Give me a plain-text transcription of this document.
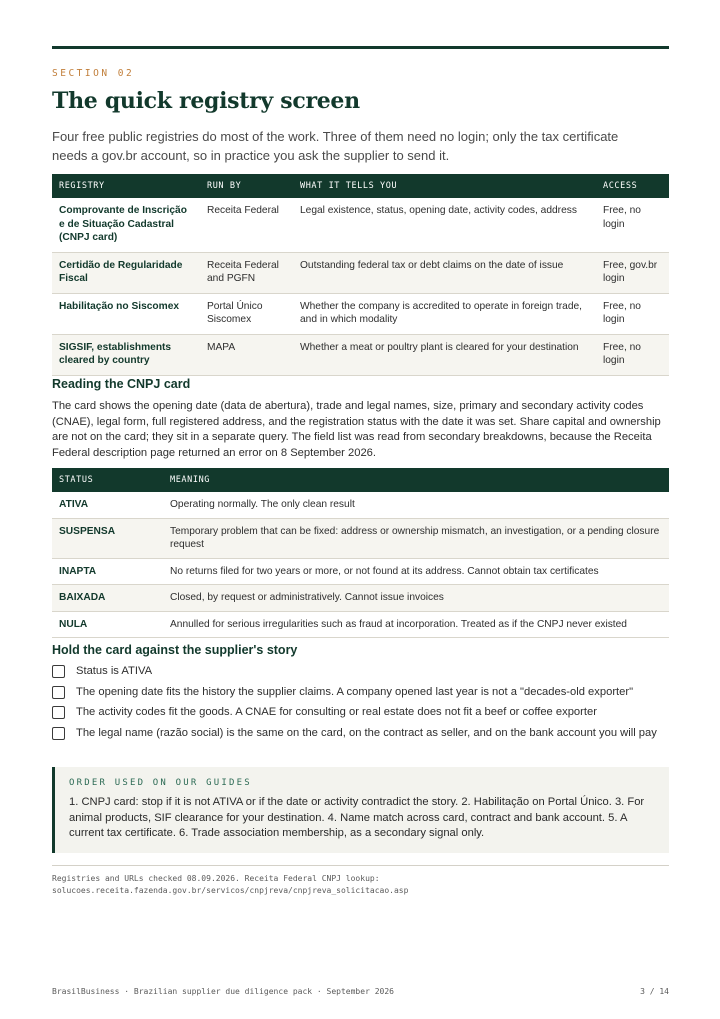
SECTION 02
The quick registry screen

Four free public registries do most of the work. Three of them need no login; only the tax certificate needs a gov.br account, so in practice you ask the supplier to send it.

REGISTRY	RUN BY	WHAT IT TELLS YOU	ACCESS
Comprovante de Inscrição e de Situação Cadastral (CNPJ card)	Receita Federal	Legal existence, status, opening date, activity codes, address	Free, no login
Certidão de Regularidade Fiscal	Receita Federal and PGFN	Outstanding federal tax or debt claims on the date of issue	Free, gov.br login
Habilitação no Siscomex	Portal Único Siscomex	Whether the company is accredited to operate in foreign trade, and in which modality	Free, no login
SIGSIF, establishments cleared by country	MAPA	Whether a meat or poultry plant is cleared for your destination	Free, no login
Reading the CNPJ card

The card shows the opening date (data de abertura), trade and legal names, size, primary and secondary activity codes (CNAE), legal form, full registered address, and the registration status with the date it was set. Share capital and ownership are not on the card; they sit in a separate query. The field list was read from secondary breakdowns, because the Receita Federal description page returned an error on 8 September 2026.

STATUS	MEANING
ATIVA	Operating normally. The only clean result
SUSPENSA	Temporary problem that can be fixed: address or ownership mismatch, an investigation, or a pending closure request
INAPTA	No returns filed for two years or more, or not found at its address. Cannot obtain tax certificates
BAIXADA	Closed, by request or administratively. Cannot issue invoices
NULA	Annulled for serious irregularities such as fraud at incorporation. Treated as if the CNPJ never existed
Hold the card against the supplier's story
Status is ATIVA
The opening date fits the history the supplier claims. A company opened last year is not a "decades-old exporter"
The activity codes fit the goods. A CNAE for consulting or real estate does not fit a beef or coffee exporter
The legal name (razão social) is the same on the card, on the contract as seller, and on the bank account you will pay
ORDER USED ON OUR GUIDES
1. CNPJ card: stop if it is not ATIVA or if the date or activity contradict the story. 2. Habilitação on Portal Único. 3. For animal products, SIF clearance for your destination. 4. Name match across card, contract and bank account. 5. A current tax certificate. 6. Trade association membership, as a secondary signal only.
Registries and URLs checked 08.09.2026. Receita Federal CNPJ lookup:
solucoes.receita.fazenda.gov.br/servicos/cnpjreva/cnpjreva_solicitacao.asp
BrasilBusiness · Brazilian supplier due diligence pack · September 2026	3 / 14
